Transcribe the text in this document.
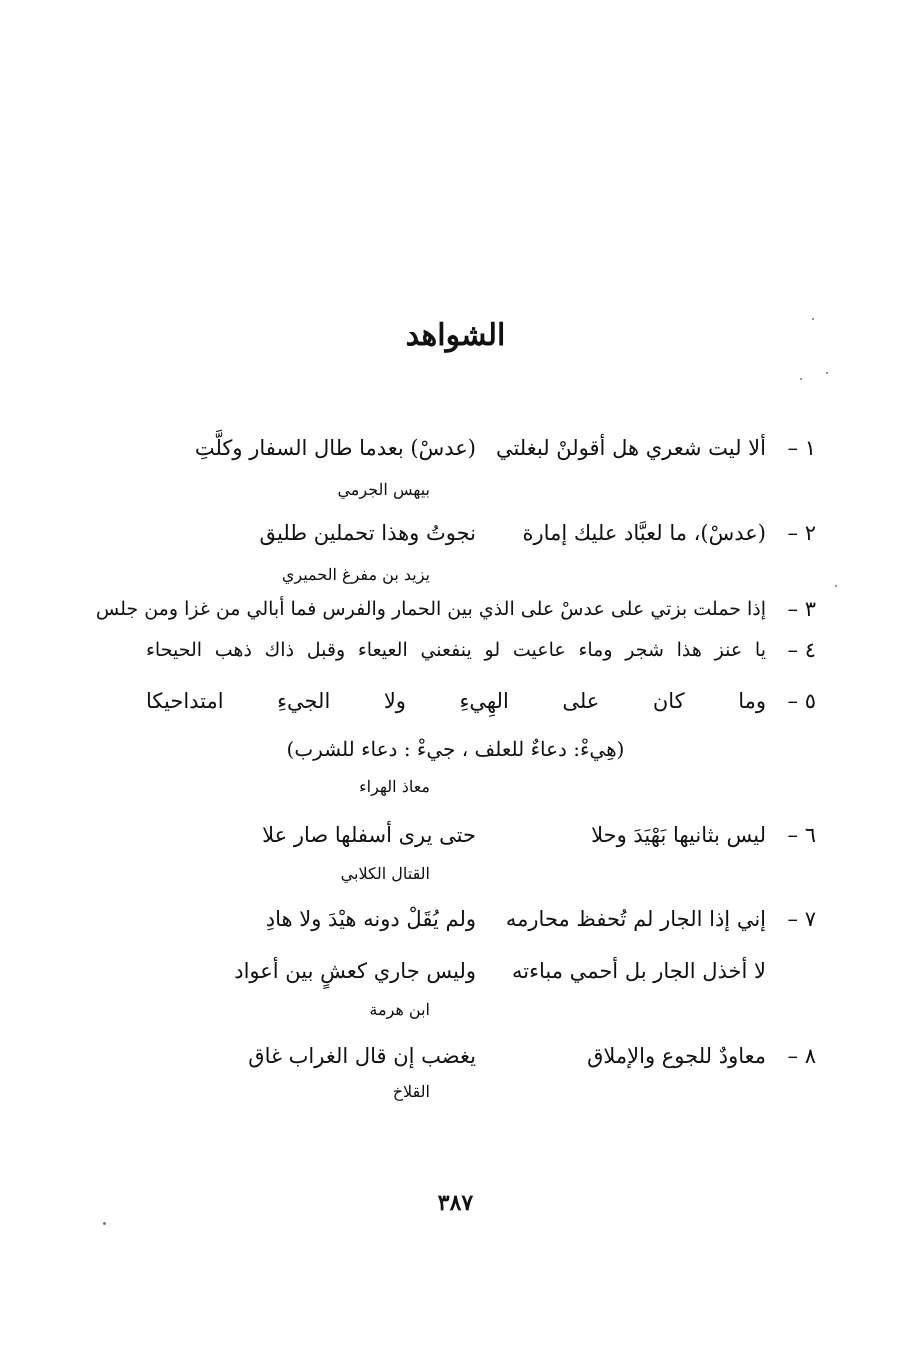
الشواهد
١ –
ألا ليت شعري هل أقولنْ لبغلتي
(عدسْ) بعدما طال السفار وكلَّتِ
بيهس الجرمي
٢ –
(عدسْ)، ما لعبَّاد عليك إمارة
نجوتُ وهذا تحملين طليق
يزيد بن مفرغ الحميري
٣ –
إذا حملت بزتي على عدسْ على الذي بين الحمار والفرس فما أبالي من غزا ومن جلس
٤ –
يا عنز هذا شجر وماء عاعيت لو ينفعني العيعاء وقبل ذاك ذهب الحيحاء
٥ –
وما
كان
على
الهِيءِ
ولا
الجيءِ
امتداحيكا
(هِيءْ: دعاءٌ للعلف ، جيءْ : دعاء للشرب)
معاذ الهراء
٦ –
ليس بثانيها بَهْيَدَ وحلا
حتى يرى أسفلها صار علا
القتال الكلابي
٧ –
إني إذا الجار لم تُحفظ محارمه
ولم يُقَلْ دونه هيْدَ ولا هادِ
لا أخذل الجار بل أحمي مباءته
وليس جاري كعشٍ بين أعواد
ابن هرمة
٨ –
معاودٌ للجوع والإملاق
يغضب إن قال الغراب غاق
القلاخ
٣٨٧
